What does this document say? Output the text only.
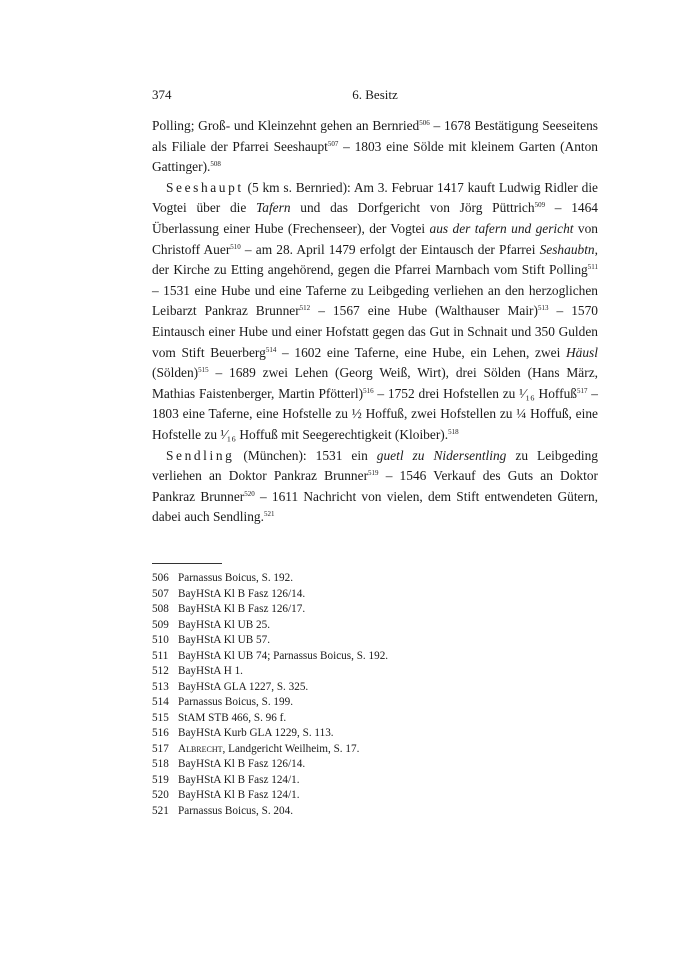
374	6. Besitz

Polling; Groß- und Kleinzehnt gehen an Bernried$^{506}$ – 1678 Bestätigung Seeseitens als Filiale der Pfarrei Seeshaupt$^{507}$ – 1803 eine Sölde mit kleinem Garten (Anton Gattinger).$^{508}$

Seeshaupt (5 km s. Bernried): Am 3. Februar 1417 kauft Ludwig Ridler die Vogtei über die Tafern und das Dorfgericht von Jörg Püttrich$^{509}$ – 1464 Überlassung einer Hube (Frechenseer), der Vogtei aus der tafern und gericht von Christoff Auer$^{510}$ – am 28. April 1479 erfolgt der Eintausch der Pfarrei Seshaubtn, der Kirche zu Etting angehörend, gegen die Pfarrei Marnbach vom Stift Polling$^{511}$ – 1531 eine Hube und eine Taferne zu Leibgeding verliehen an den herzoglichen Leibarzt Pankraz Brunner$^{512}$ – 1567 eine Hube (Walthauser Mair)$^{513}$ – 1570 Eintausch einer Hube und einer Hofstatt gegen das Gut in Schnait und 350 Gulden vom Stift Beuerberg$^{514}$ – 1602 eine Taferne, eine Hube, ein Lehen, zwei Häusl (Sölden)$^{515}$ – 1689 zwei Lehen (Georg Weiß, Wirt), drei Sölden (Hans März, Mathias Faistenberger, Martin Pfötterl)$^{516}$ – 1752 drei Hofstellen zu ¹⁄₁₆ Hoffuß$^{517}$ – 1803 eine Taferne, eine Hofstelle zu ½ Hoffuß, zwei Hofstellen zu ¼ Hoffuß, eine Hofstelle zu ¹⁄₁₆ Hoffuß mit Seegerechtigkeit (Kloiber).$^{518}$

Sendling (München): 1531 ein guetl zu Nidersentling zu Leibgeding verliehen an Doktor Pankraz Brunner$^{519}$ – 1546 Verkauf des Guts an Doktor Pankraz Brunner$^{520}$ – 1611 Nachricht von vielen, dem Stift entwendeten Gütern, dabei auch Sendling.$^{521}$

506 Parnassus Boicus, S. 192.
507 BayHStA Kl B Fasz 126/14.
508 BayHStA Kl B Fasz 126/17.
509 BayHStA Kl UB 25.
510 BayHStA Kl UB 57.
511 BayHStA Kl UB 74; Parnassus Boicus, S. 192.
512 BayHStA H 1.
513 BayHStA GLA 1227, S. 325.
514 Parnassus Boicus, S. 199.
515 StAM STB 466, S. 96 f.
516 BayHStA Kurb GLA 1229, S. 113.
517 Albrecht, Landgericht Weilheim, S. 17.
518 BayHStA Kl B Fasz 126/14.
519 BayHStA Kl B Fasz 124/1.
520 BayHStA Kl B Fasz 124/1.
521 Parnassus Boicus, S. 204.
